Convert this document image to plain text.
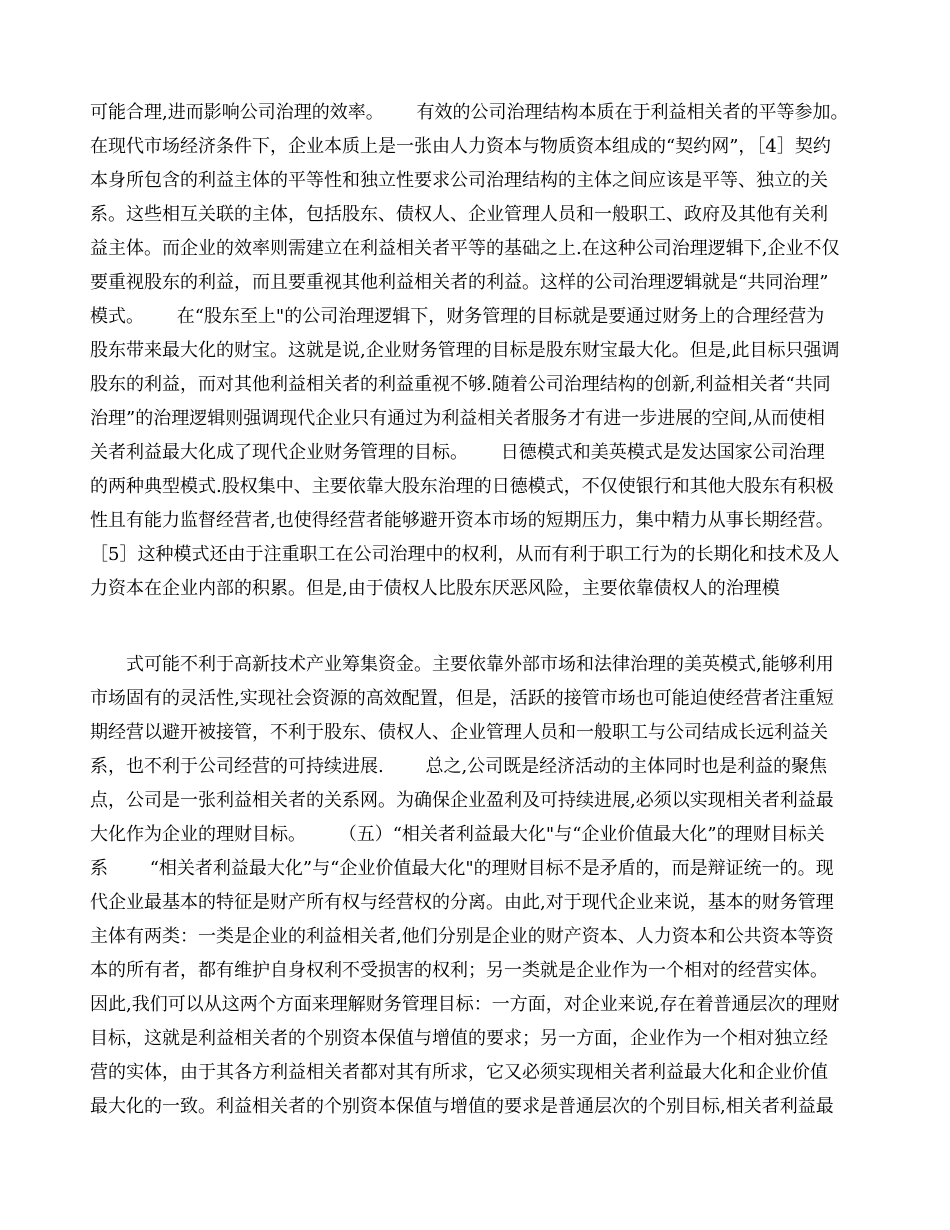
可能合理,进而影响公司治理的效率。　　 有效的公司治理结构本质在于利益相关者的平等参加。
在现代市场经济条件下，企业本质上是一张由人力资本与物质资本组成的“契约网”，［4］契约
本身所包含的利益主体的平等性和独立性要求公司治理结构的主体之间应该是平等、独立的关
系。这些相互关联的主体，包括股东、债权人、企业管理人员和一般职工、政府及其他有关利
益主体。而企业的效率则需建立在利益相关者平等的基础之上.在这种公司治理逻辑下,企业不仅
要重视股东的利益，而且要重视其他利益相关者的利益。这样的公司治理逻辑就是“共同治理”
模式。　　 在“股东至上"的公司治理逻辑下，财务管理的目标就是要通过财务上的合理经营为
股东带来最大化的财宝。这就是说,企业财务管理的目标是股东财宝最大化。但是,此目标只强调
股东的利益，而对其他利益相关者的利益重视不够.随着公司治理结构的创新,利益相关者“共同
治理”的治理逻辑则强调现代企业只有通过为利益相关者服务才有进一步进展的空间,从而使相
关者利益最大化成了现代企业财务管理的目标。　　 日德模式和美英模式是发达国家公司治理
的两种典型模式.股权集中、主要依靠大股东治理的日德模式，不仅使银行和其他大股东有积极
性且有能力监督经营者,也使得经营者能够避开资本市场的短期压力，集中精力从事长期经营。
［5］这种模式还由于注重职工在公司治理中的权利，从而有利于职工行为的长期化和技术及人
力资本在企业内部的积累。但是,由于债权人比股东厌恶风险，主要依靠债权人的治理模
　　式可能不利于高新技术产业筹集资金。主要依靠外部市场和法律治理的美英模式,能够利用
市场固有的灵活性,实现社会资源的高效配置，但是，活跃的接管市场也可能迫使经营者注重短
期经营以避开被接管，不利于股东、债权人、企业管理人员和一般职工与公司结成长远利益关
系，也不利于公司经营的可持续进展.　　 总之,公司既是经济活动的主体同时也是利益的聚焦
点，公司是一张利益相关者的关系网。为确保企业盈利及可持续进展,必须以实现相关者利益最
大化作为企业的理财目标。　　 （五）“相关者利益最大化"与“企业价值最大化”的理财目标关
系　　 “相关者利益最大化”与“企业价值最大化"的理财目标不是矛盾的，而是辩证统一的。现
代企业最基本的特征是财产所有权与经营权的分离。由此,对于现代企业来说，基本的财务管理
主体有两类：一类是企业的利益相关者,他们分别是企业的财产资本、人力资本和公共资本等资
本的所有者，都有维护自身权利不受损害的权利；另一类就是企业作为一个相对的经营实体。
因此,我们可以从这两个方面来理解财务管理目标：一方面，对企业来说,存在着普通层次的理财
目标，这就是利益相关者的个别资本保值与增值的要求；另一方面，企业作为一个相对独立经
营的实体，由于其各方利益相关者都对其有所求，它又必须实现相关者利益最大化和企业价值
最大化的一致。利益相关者的个别资本保值与增值的要求是普通层次的个别目标,相关者利益最
